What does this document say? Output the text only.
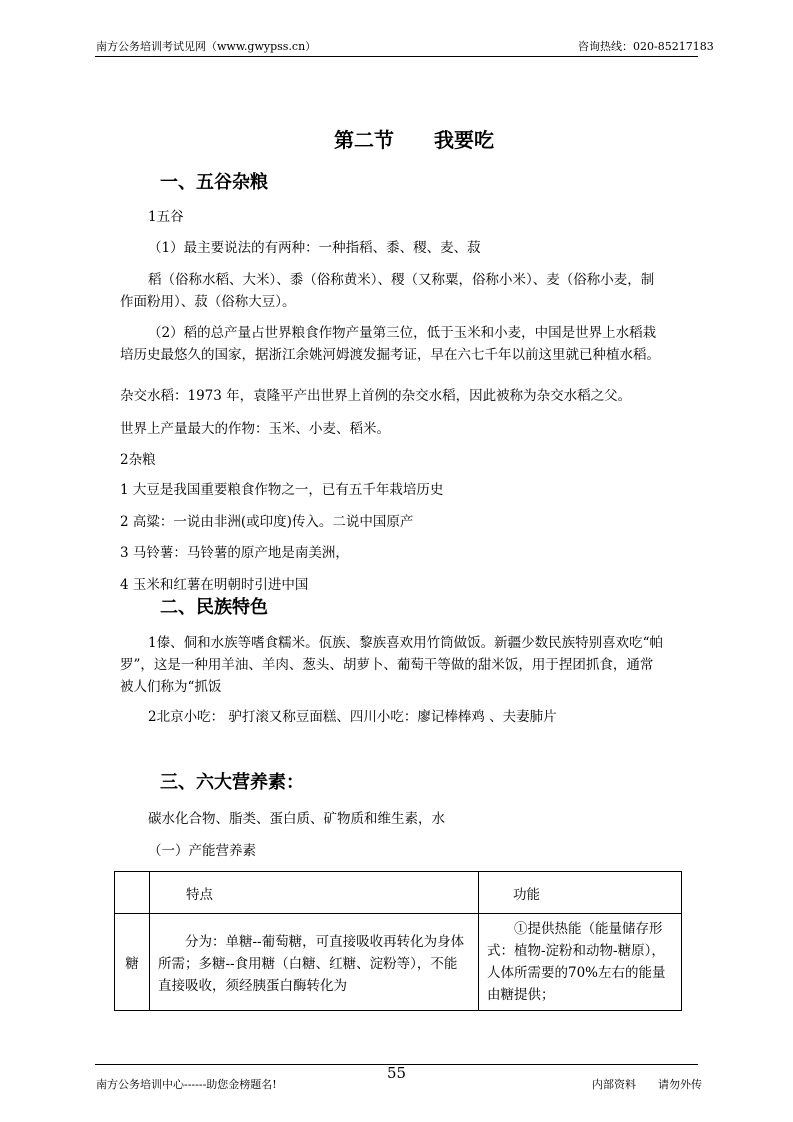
南方公务培训考试见网（www.gwypss.cn）	咨询热线：020-85217183
第二节　　我要吃
一、五谷杂粮
1五谷
（1）最主要说法的有两种：一种指稻、黍、稷、麦、菽
稻（俗称水稻、大米）、黍（俗称黄米）、稷（又称粟，俗称小米）、麦（俗称小麦，制
作面粉用）、菽（俗称大豆）。
（2）稻的总产量占世界粮食作物产量第三位，低于玉米和小麦，中国是世界上水稻栽
培历史最悠久的国家，据浙江余姚河姆渡发掘考证，早在六七千年以前这里就已种植水稻。
杂交水稻：1973 年，袁隆平产出世界上首例的杂交水稻，因此被称为杂交水稻之父。
世界上产量最大的作物：玉米、小麦、稻米。
2杂粮
1 大豆是我国重要粮食作物之一，已有五千年栽培历史
2 高粱：一说由非洲(或印度)传入。二说中国原产
3 马铃薯：马铃薯的原产地是南美洲，
4 玉米和红薯在明朝时引进中国
二、民族特色
1傣、侗和水族等嗜食糯米。佤族、黎族喜欢用竹筒做饭。新疆少数民族特别喜欢吃“帕
罗”，这是一种用羊油、羊肉、葱头、胡萝卜、葡萄干等做的甜米饭，用于捏团抓食，通常
被人们称为“抓饭
2北京小吃： 驴打滚又称豆面糕、四川小吃：廖记棒棒鸡 、夫妻肺片
三、六大营养素：
碳水化合物、脂类、蛋白质、矿物质和维生素，水
（一）产能营养素
	特点	功能
糖	分为：单糖--葡萄糖，可直接吸收再转化为身体所需；多糖--食用糖（白糖、红糖、淀粉等），不能直接吸收，须经胰蛋白酶转化为	①提供热能（能量储存形式：植物-淀粉和动物-糖原），人体所需要的70%左右的能量由糖提供；
55
南方公务培训中心------助您金榜题名!	内部资料　　请勿外传
